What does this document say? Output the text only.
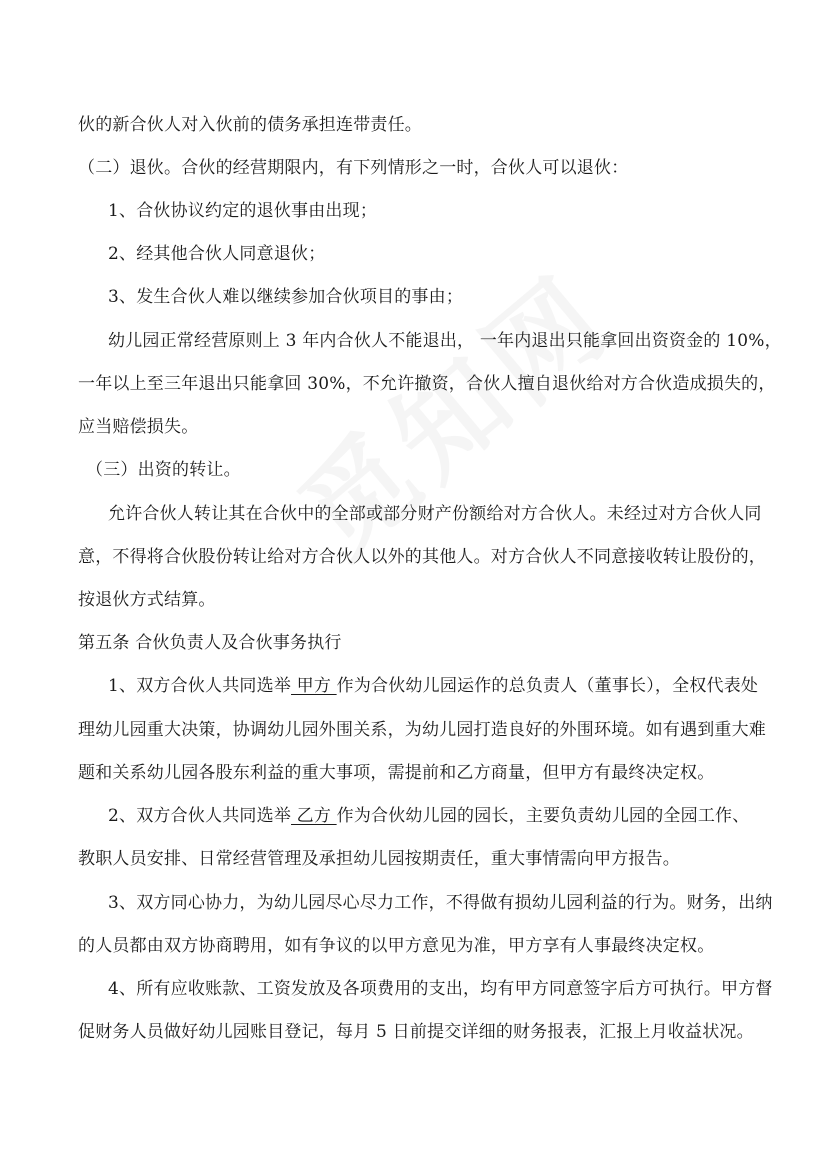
伙的新合伙人对入伙前的债务承担连带责任。
（二）退伙。合伙的经营期限内，有下列情形之一时，合伙人可以退伙：
1、合伙协议约定的退伙事由出现；
2、经其他合伙人同意退伙；
3、发生合伙人难以继续参加合伙项目的事由；
幼儿园正常经营原则上 3 年内合伙人不能退出， 一年内退出只能拿回出资资金的 10%，
一年以上至三年退出只能拿回 30%，不允许撤资，合伙人擅自退伙给对方合伙造成损失的，
应当赔偿损失。
（三）出资的转让。
允许合伙人转让其在合伙中的全部或部分财产份额给对方合伙人。未经过对方合伙人同
意，不得将合伙股份转让给对方合伙人以外的其他人。对方合伙人不同意接收转让股份的，
按退伙方式结算。
第五条 合伙负责人及合伙事务执行
1、双方合伙人共同选举 甲方 作为合伙幼儿园运作的总负责人（董事长），全权代表处
理幼儿园重大决策，协调幼儿园外围关系，为幼儿园打造良好的外围环境。如有遇到重大难
题和关系幼儿园各股东利益的重大事项，需提前和乙方商量，但甲方有最终决定权。
2、双方合伙人共同选举 乙方 作为合伙幼儿园的园长，主要负责幼儿园的全园工作、
教职人员安排、日常经营管理及承担幼儿园按期责任，重大事情需向甲方报告。
3、双方同心协力，为幼儿园尽心尽力工作，不得做有损幼儿园利益的行为。财务，出纳
的人员都由双方协商聘用，如有争议的以甲方意见为准，甲方享有人事最终决定权。
4、所有应收账款、工资发放及各项费用的支出，均有甲方同意签字后方可执行。甲方督
促财务人员做好幼儿园账目登记，每月 5 日前提交详细的财务报表，汇报上月收益状况。
